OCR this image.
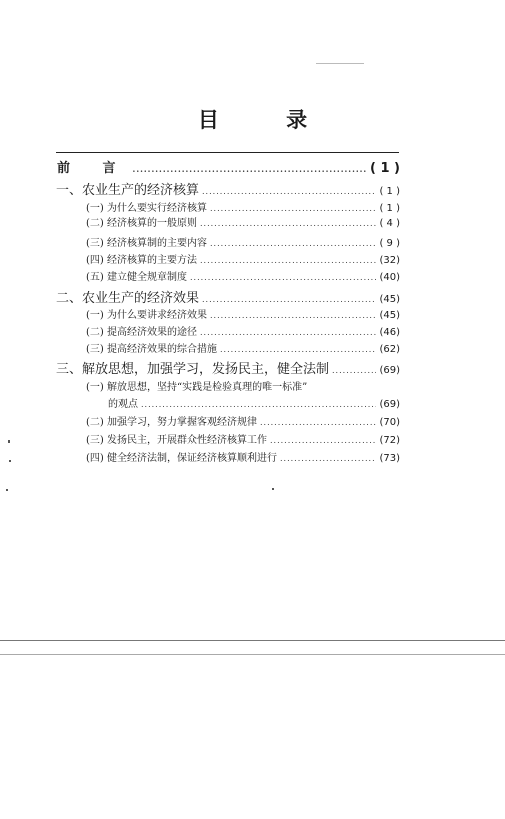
目 录
前 言 .....	( 1 )
一、农业生产的经济核算 .....	( 1 )
(一) 为什么要实行经济核算 .....	( 1 )
(二) 经济核算的一般原则 .....	( 4 )
(三) 经济核算制的主要内容 .....	( 9 )
(四) 经济核算的主要方法 .....	(32)
(五) 建立健全规章制度 .....	(40)
二、农业生产的经济效果 .....	(45)
(一) 为什么要讲求经济效果 .....	(45)
(二) 提高经济效果的途径 .....	(46)
(三) 提高经济效果的综合措施 .....	(62)
三、解放思想，加强学习，发扬民主，健全法制 .....	(69)
(一) 解放思想，坚持“实践是检验真理的唯一标准”
的观点 .....	(69)
(二) 加强学习，努力掌握客观经济规律 .....	(70)
(三) 发扬民主，开展群众性经济核算工作 .....	(72)
(四) 健全经济法制，保证经济核算顺利进行 .....	(73)
